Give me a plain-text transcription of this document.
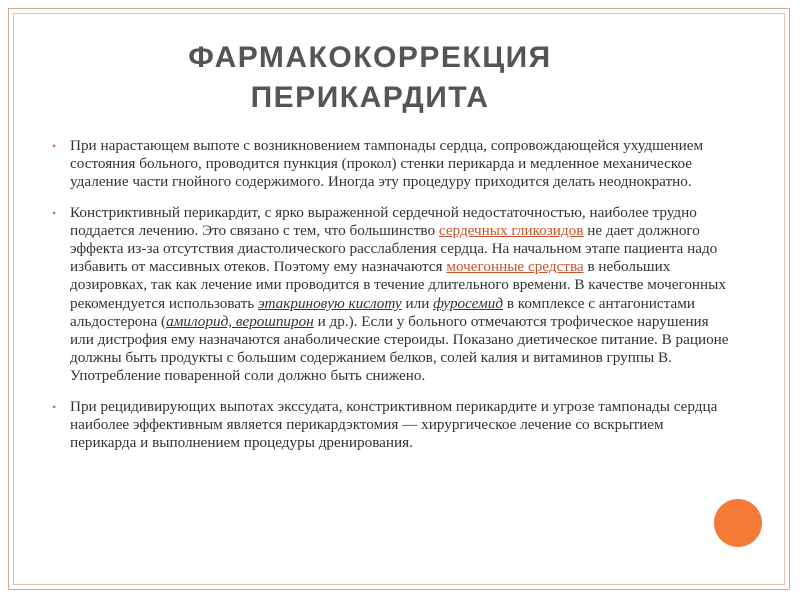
ФАРМАКОКОРРЕКЦИЯ
ПЕРИКАРДИТА
• При нарастающем выпоте с возникновением тампонады сердца, сопровождающейся ухудшением состояния больного, проводится пункция (прокол) стенки перикарда и медленное механическое удаление части гнойного содержимого. Иногда эту процедуру приходится делать неоднократно.
• Констриктивный перикардит, с ярко выраженной сердечной недостаточностью, наиболее трудно поддается лечению. Это связано с тем, что большинство сердечных гликозидов не дает должного эффекта из-за отсутствия диастолического расслабления сердца. На начальном этапе пациента надо избавить от массивных отеков. Поэтому ему назначаются мочегонные средства в небольших дозировках, так как лечение ими проводится в течение длительного времени. В качестве мочегонных рекомендуется использовать этакриновую кислоту или фуросемид в комплексе с антагонистами альдостерона (амилорид, верошпирон и др.). Если у больного отмечаются трофическое нарушения или дистрофия ему назначаются анаболические стероиды. Показано диетическое питание. В рационе должны быть продукты с большим содержанием белков, солей калия и витаминов группы В. Употребление поваренной соли должно быть снижено.
• При рецидивирующих выпотах экссудата, констриктивном перикардите и угрозе тампонады сердца наиболее эффективным является перикардэктомия — хирургическое лечение со вскрытием перикарда и выполнением процедуры дренирования.
